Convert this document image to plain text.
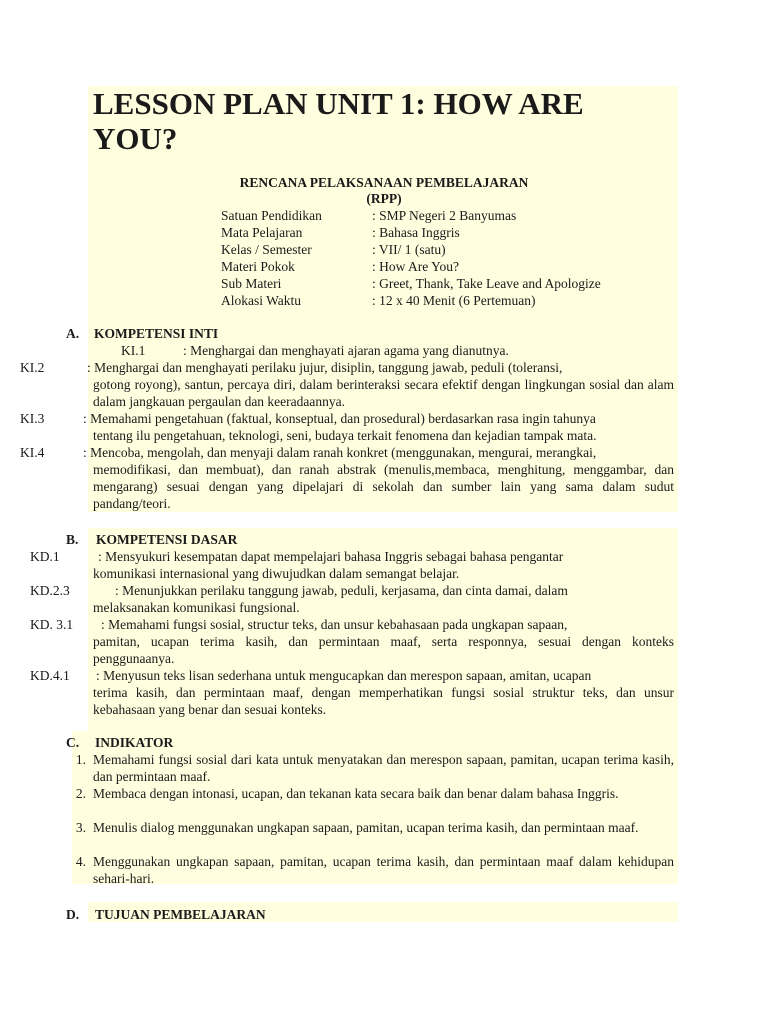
LESSON PLAN UNIT 1: HOW ARE YOU?
RENCANA PELAKSANAAN PEMBELAJARAN
(RPP)
Satuan Pendidikan	: SMP Negeri 2 Banyumas
Mata Pelajaran	: Bahasa Inggris
Kelas / Semester	: VII/ 1 (satu)
Materi Pokok	: How Are You?
Sub Materi	: Greet, Thank, Take Leave and Apologize
Alokasi Waktu	: 12 x 40 Menit (6 Pertemuan)
A. KOMPETENSI INTI
KI.1	: Menghargai dan menghayati ajaran agama yang dianutnya.
KI.2	: Menghargai dan menghayati perilaku jujur, disiplin, tanggung jawab, peduli (toleransi,
gotong royong), santun, percaya diri, dalam berinteraksi secara efektif dengan lingkungan sosial dan alam dalam jangkauan pergaulan dan keeradaannya.
KI.3	: Memahami pengetahuan (faktual, konseptual, dan prosedural) berdasarkan rasa ingin tahunya
tentang ilu pengetahuan, teknologi, seni, budaya terkait fenomena dan kejadian tampak mata.
KI.4	: Mencoba, mengolah, dan menyaji dalam ranah konkret (menggunakan, mengurai, merangkai,
memodifikasi, dan membuat), dan ranah abstrak (menulis,membaca, menghitung, menggambar, dan mengarang) sesuai dengan yang dipelajari di sekolah dan sumber lain yang sama dalam sudut pandang/teori.
B. KOMPETENSI DASAR
KD.1	: Mensyukuri kesempatan dapat mempelajari bahasa Inggris sebagai bahasa pengantar
komunikasi internasional yang diwujudkan dalam semangat belajar.
KD.2.3	: Menunjukkan perilaku tanggung jawab, peduli, kerjasama, dan cinta damai, dalam
melaksanakan komunikasi fungsional.
KD. 3.1 : Memahami fungsi sosial, structur teks, dan unsur kebahasaan pada ungkapan sapaan,
pamitan, ucapan terima kasih, dan permintaan maaf, serta responnya, sesuai dengan konteks penggunaanya.
KD.4.1 : Menyusun teks lisan sederhana untuk mengucapkan dan merespon sapaan, amitan, ucapan
terima kasih, dan permintaan maaf, dengan memperhatikan fungsi sosial struktur teks, dan unsur kebahasaan yang benar dan sesuai konteks.
C. INDIKATOR
1. Memahami fungsi sosial dari kata untuk menyatakan dan merespon sapaan, pamitan, ucapan terima kasih, dan permintaan maaf.
2. Membaca dengan intonasi, ucapan, dan tekanan kata secara baik dan benar dalam bahasa Inggris.
3. Menulis dialog menggunakan ungkapan sapaan, pamitan, ucapan terima kasih, dan permintaan maaf.
4. Menggunakan ungkapan sapaan, pamitan, ucapan terima kasih, dan permintaan maaf dalam kehidupan sehari-hari.
D. TUJUAN PEMBELAJARAN
